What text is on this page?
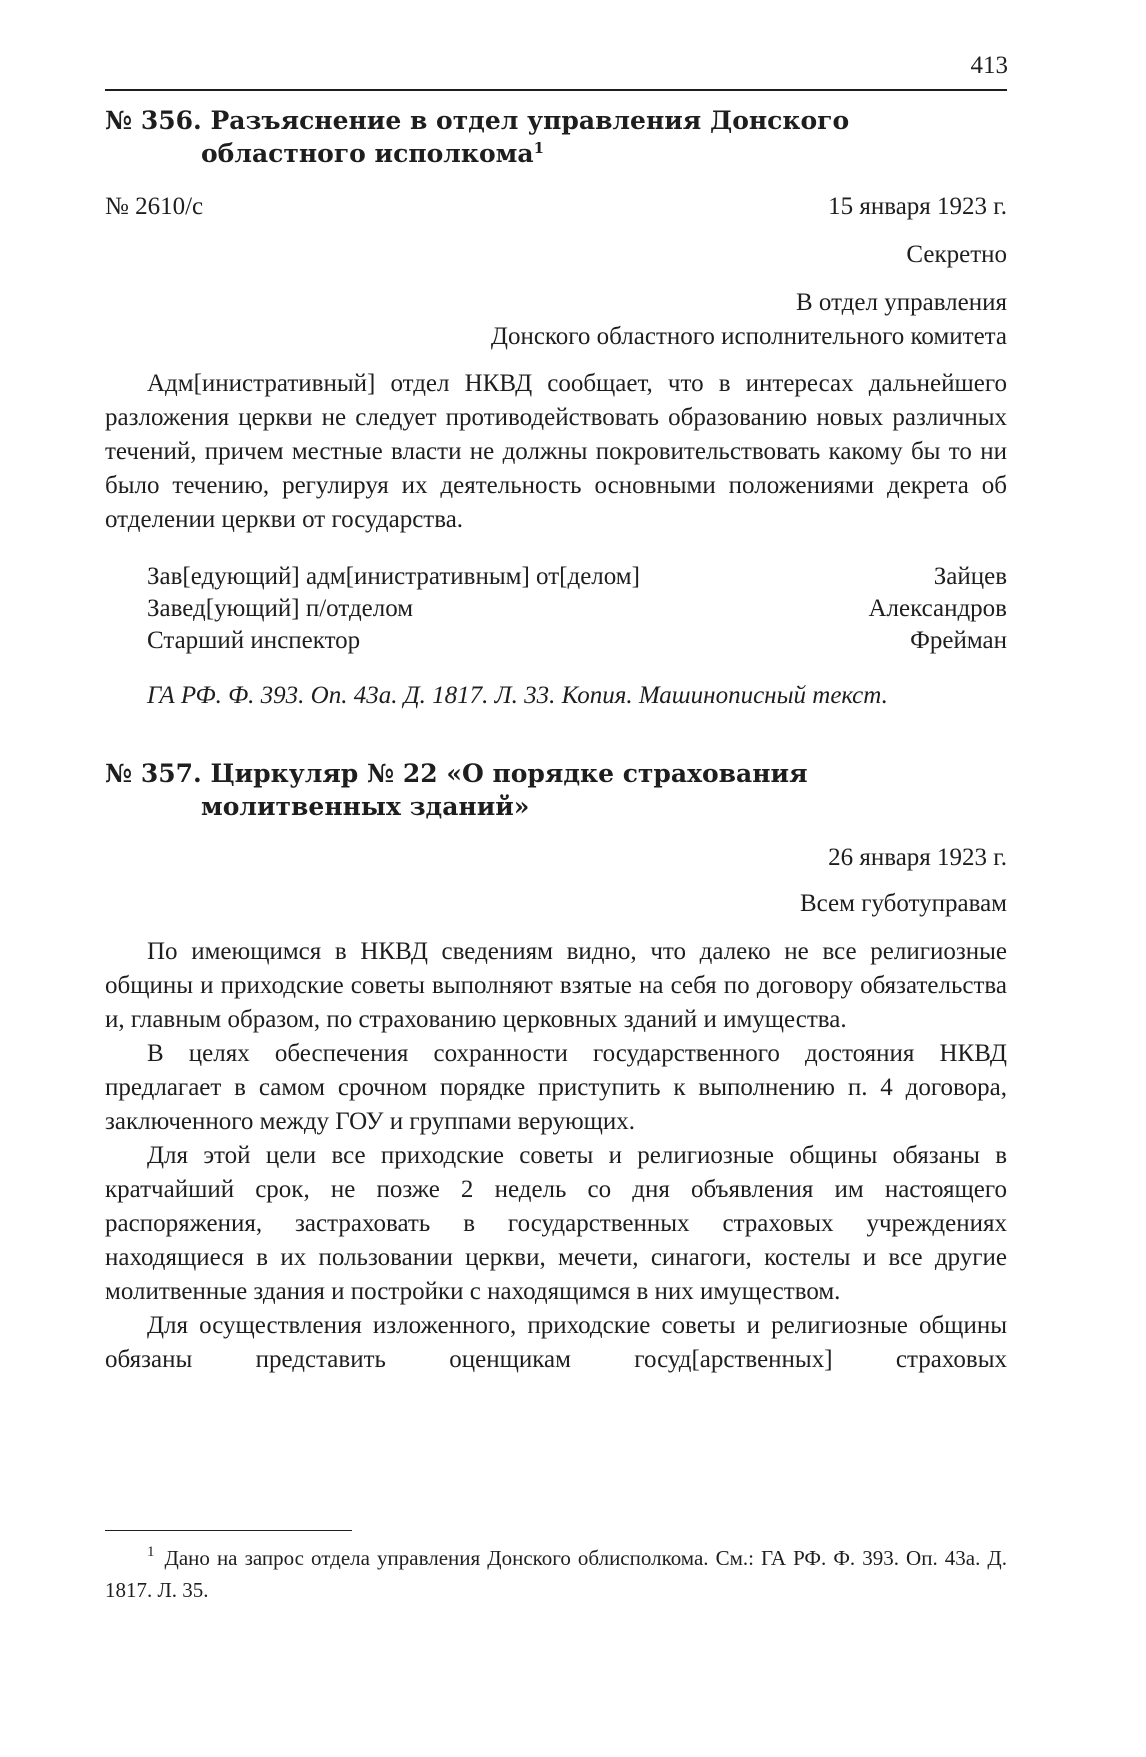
413
№ 356. Разъяснение в отдел управления Донского областного исполкома$^1$
№ 2610/с	15 января 1923 г.
Секретно
В отдел управления
Донского областного исполнительного комитета

Адм[инистративный] отдел НКВД сообщает, что в интересах дальнейшего разложения церкви не следует противодействовать образованию новых различных течений, причем местные власти не должны покровительствовать какому бы то ни было течению, регулируя их деятельность основными положениями декрета об отделении церкви от государства.

Зав[едующий] адм[инистративным] от[делом]	Зайцев
Завед[ующий] п/отделом	Александров
Старший инспектор	Фрейман
ГА РФ. Ф. 393. Оп. 43а. Д. 1817. Л. 33. Копия. Машинописный текст.
№ 357. Циркуляр № 22 «О порядке страхования молитвенных зданий»
26 января 1923 г.
Всем губотуправам

По имеющимся в НКВД сведениям видно, что далеко не все религиозные общины и приходские советы выполняют взятые на себя по договору обязательства и, главным образом, по страхованию церковных зданий и имущества.

В целях обеспечения сохранности государственного достояния НКВД предлагает в самом срочном порядке приступить к выполнению п. 4 договора, заключенного между ГОУ и группами верующих.

Для этой цели все приходские советы и религиозные общины обязаны в кратчайший срок, не позже 2 недель со дня объявления им настоящего распоряжения, застраховать в государственных страховых учреждениях находящиеся в их пользовании церкви, мечети, синагоги, костелы и все другие молитвенные здания и постройки с находящимся в них имуществом.

Для осуществления изложенного, приходские советы и религиозные общины обязаны представить оценщикам госуд[арственных] страховых

$^1$ Дано на запрос отдела управления Донского облисполкома. См.: ГА РФ. Ф. 393. Оп. 43а. Д. 1817. Л. 35.
